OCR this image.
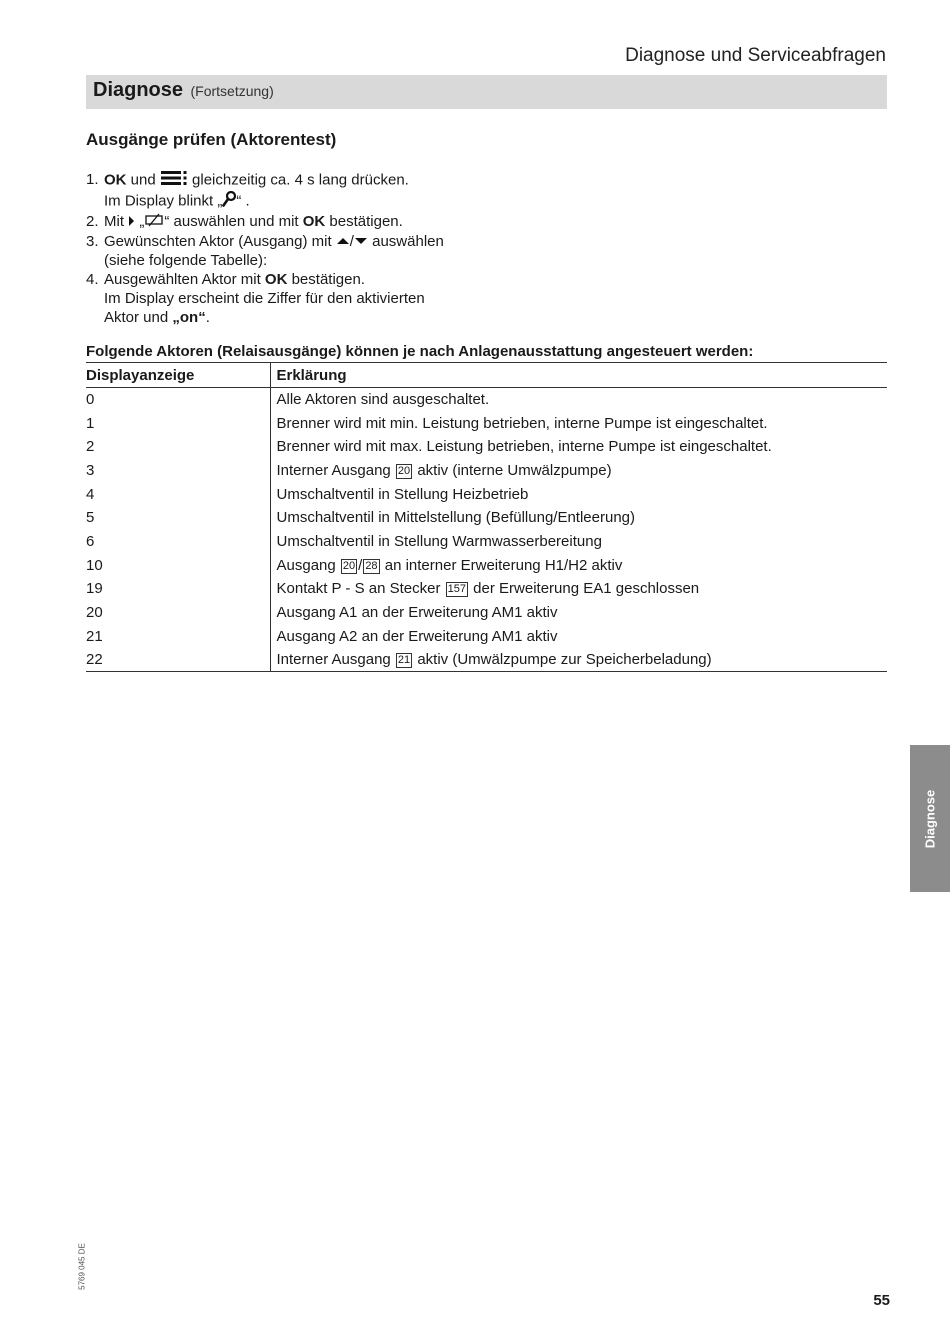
Diagnose und Serviceabfragen
Diagnose (Fortsetzung)
Ausgänge prüfen (Aktorentest)
1. OK und  gleichzeitig ca. 4 s lang drücken.
Im Display blinkt „ “ .
2. Mit  „ “ auswählen und mit OK bestätigen.
3. Gewünschten Aktor (Ausgang) mit / auswählen
(siehe folgende Tabelle):
4. Ausgewählten Aktor mit OK bestätigen.
Im Display erscheint die Ziffer für den aktivierten
Aktor und „on“.
Folgende Aktoren (Relaisausgänge) können je nach Anlagenausstattung angesteuert werden:
Displayanzeige	Erklärung
0	Alle Aktoren sind ausgeschaltet.
1	Brenner wird mit min. Leistung betrieben, interne Pumpe ist eingeschaltet.
2	Brenner wird mit max. Leistung betrieben, interne Pumpe ist eingeschaltet.
3	Interner Ausgang 20 aktiv (interne Umwälzpumpe)
4	Umschaltventil in Stellung Heizbetrieb
5	Umschaltventil in Mittelstellung (Befüllung/Entleerung)
6	Umschaltventil in Stellung Warmwasserbereitung
10	Ausgang 20 / 28 an interner Erweiterung H1/H2 aktiv
19	Kontakt P - S an Stecker 157 der Erweiterung EA1 geschlossen
20	Ausgang A1 an der Erweiterung AM1 aktiv
21	Ausgang A2 an der Erweiterung AM1 aktiv
22	Interner Ausgang 21 aktiv (Umwälzpumpe zur Speicherbeladung)
Diagnose
5769 045 DE
55
